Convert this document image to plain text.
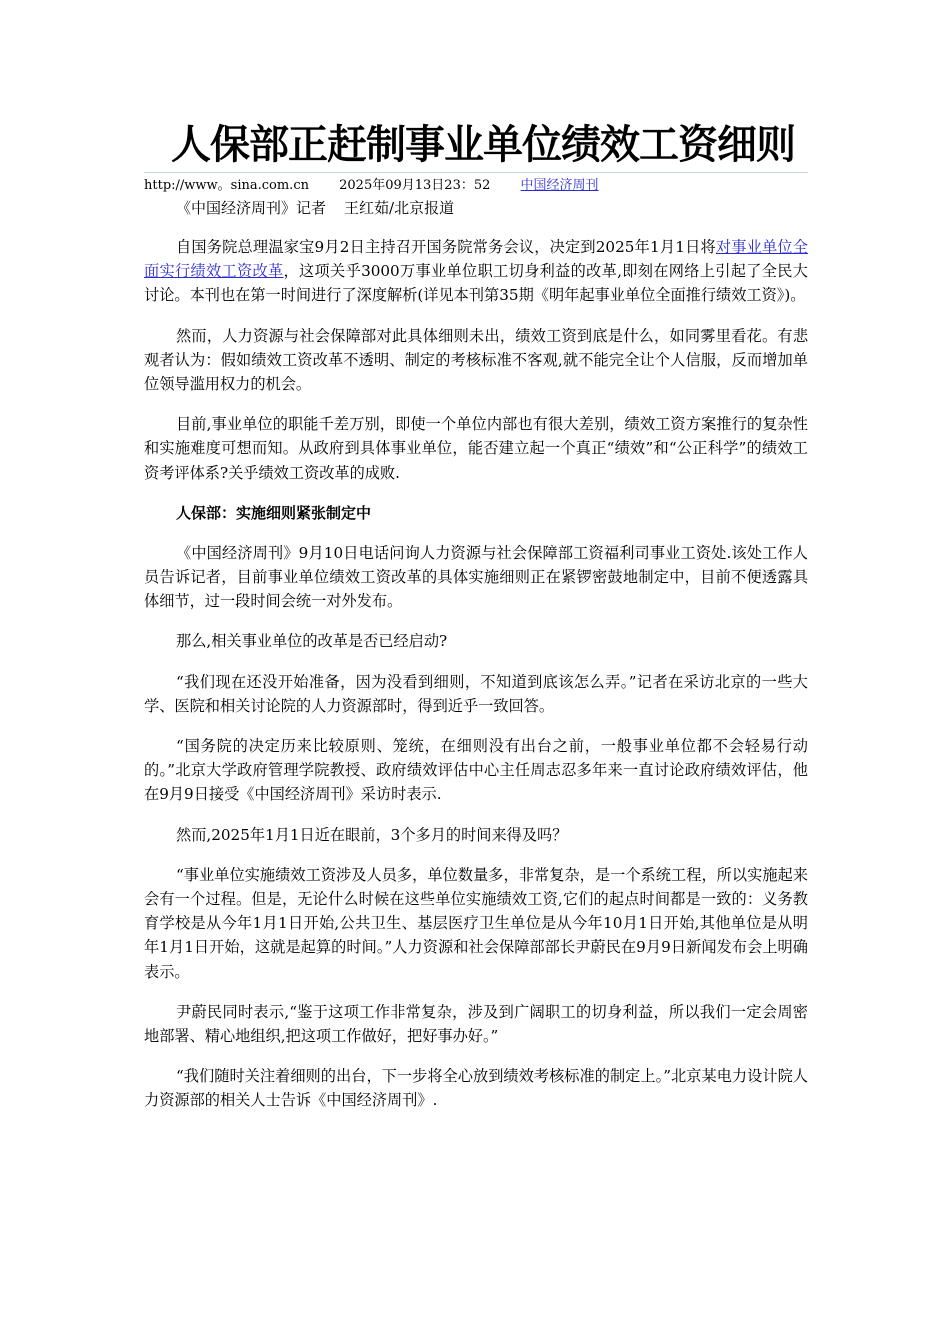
人保部正赶制事业单位绩效工资细则
http://www。sina.com.cn 2025年09月13日23：52 中国经济周刊
《中国经济周刊》记者 王红茹/北京报道

自国务院总理温家宝9月2日主持召开国务院常务会议，决定到2025年1月1日将对事业单位全面实行绩效工资改革，这项关乎3000万事业单位职工切身利益的改革,即刻在网络上引起了全民大讨论。本刊也在第一时间进行了深度解析(详见本刊第35期《明年起事业单位全面推行绩效工资》)。

然而，人力资源与社会保障部对此具体细则未出，绩效工资到底是什么，如同雾里看花。有悲观者认为：假如绩效工资改革不透明、制定的考核标准不客观,就不能完全让个人信服，反而增加单位领导滥用权力的机会。

目前,事业单位的职能千差万别，即使一个单位内部也有很大差别，绩效工资方案推行的复杂性和实施难度可想而知。从政府到具体事业单位，能否建立起一个真正“绩效”和“公正科学”的绩效工资考评体系?关乎绩效工资改革的成败.

人保部：实施细则紧张制定中

《中国经济周刊》9月10日电话问询人力资源与社会保障部工资福利司事业工资处.该处工作人员告诉记者，目前事业单位绩效工资改革的具体实施细则正在紧锣密鼓地制定中，目前不便透露具体细节，过一段时间会统一对外发布。

那么,相关事业单位的改革是否已经启动?

“我们现在还没开始准备，因为没看到细则，不知道到底该怎么弄。”记者在采访北京的一些大学、医院和相关讨论院的人力资源部时，得到近乎一致回答。

“国务院的决定历来比较原则、笼统，在细则没有出台之前，一般事业单位都不会轻易行动的。”北京大学政府管理学院教授、政府绩效评估中心主任周志忍多年来一直讨论政府绩效评估，他在9月9日接受《中国经济周刊》采访时表示.

然而,2025年1月1日近在眼前，3个多月的时间来得及吗？

“事业单位实施绩效工资涉及人员多，单位数量多，非常复杂，是一个系统工程，所以实施起来会有一个过程。但是，无论什么时候在这些单位实施绩效工资,它们的起点时间都是一致的：义务教育学校是从今年1月1日开始,公共卫生、基层医疗卫生单位是从今年10月1日开始,其他单位是从明年1月1日开始，这就是起算的时间。”人力资源和社会保障部部长尹蔚民在9月9日新闻发布会上明确表示。

尹蔚民同时表示,“鉴于这项工作非常复杂，涉及到广阔职工的切身利益，所以我们一定会周密地部署、精心地组织,把这项工作做好，把好事办好。”

“我们随时关注着细则的出台，下一步将全心放到绩效考核标准的制定上。”北京某电力设计院人力资源部的相关人士告诉《中国经济周刊》.
